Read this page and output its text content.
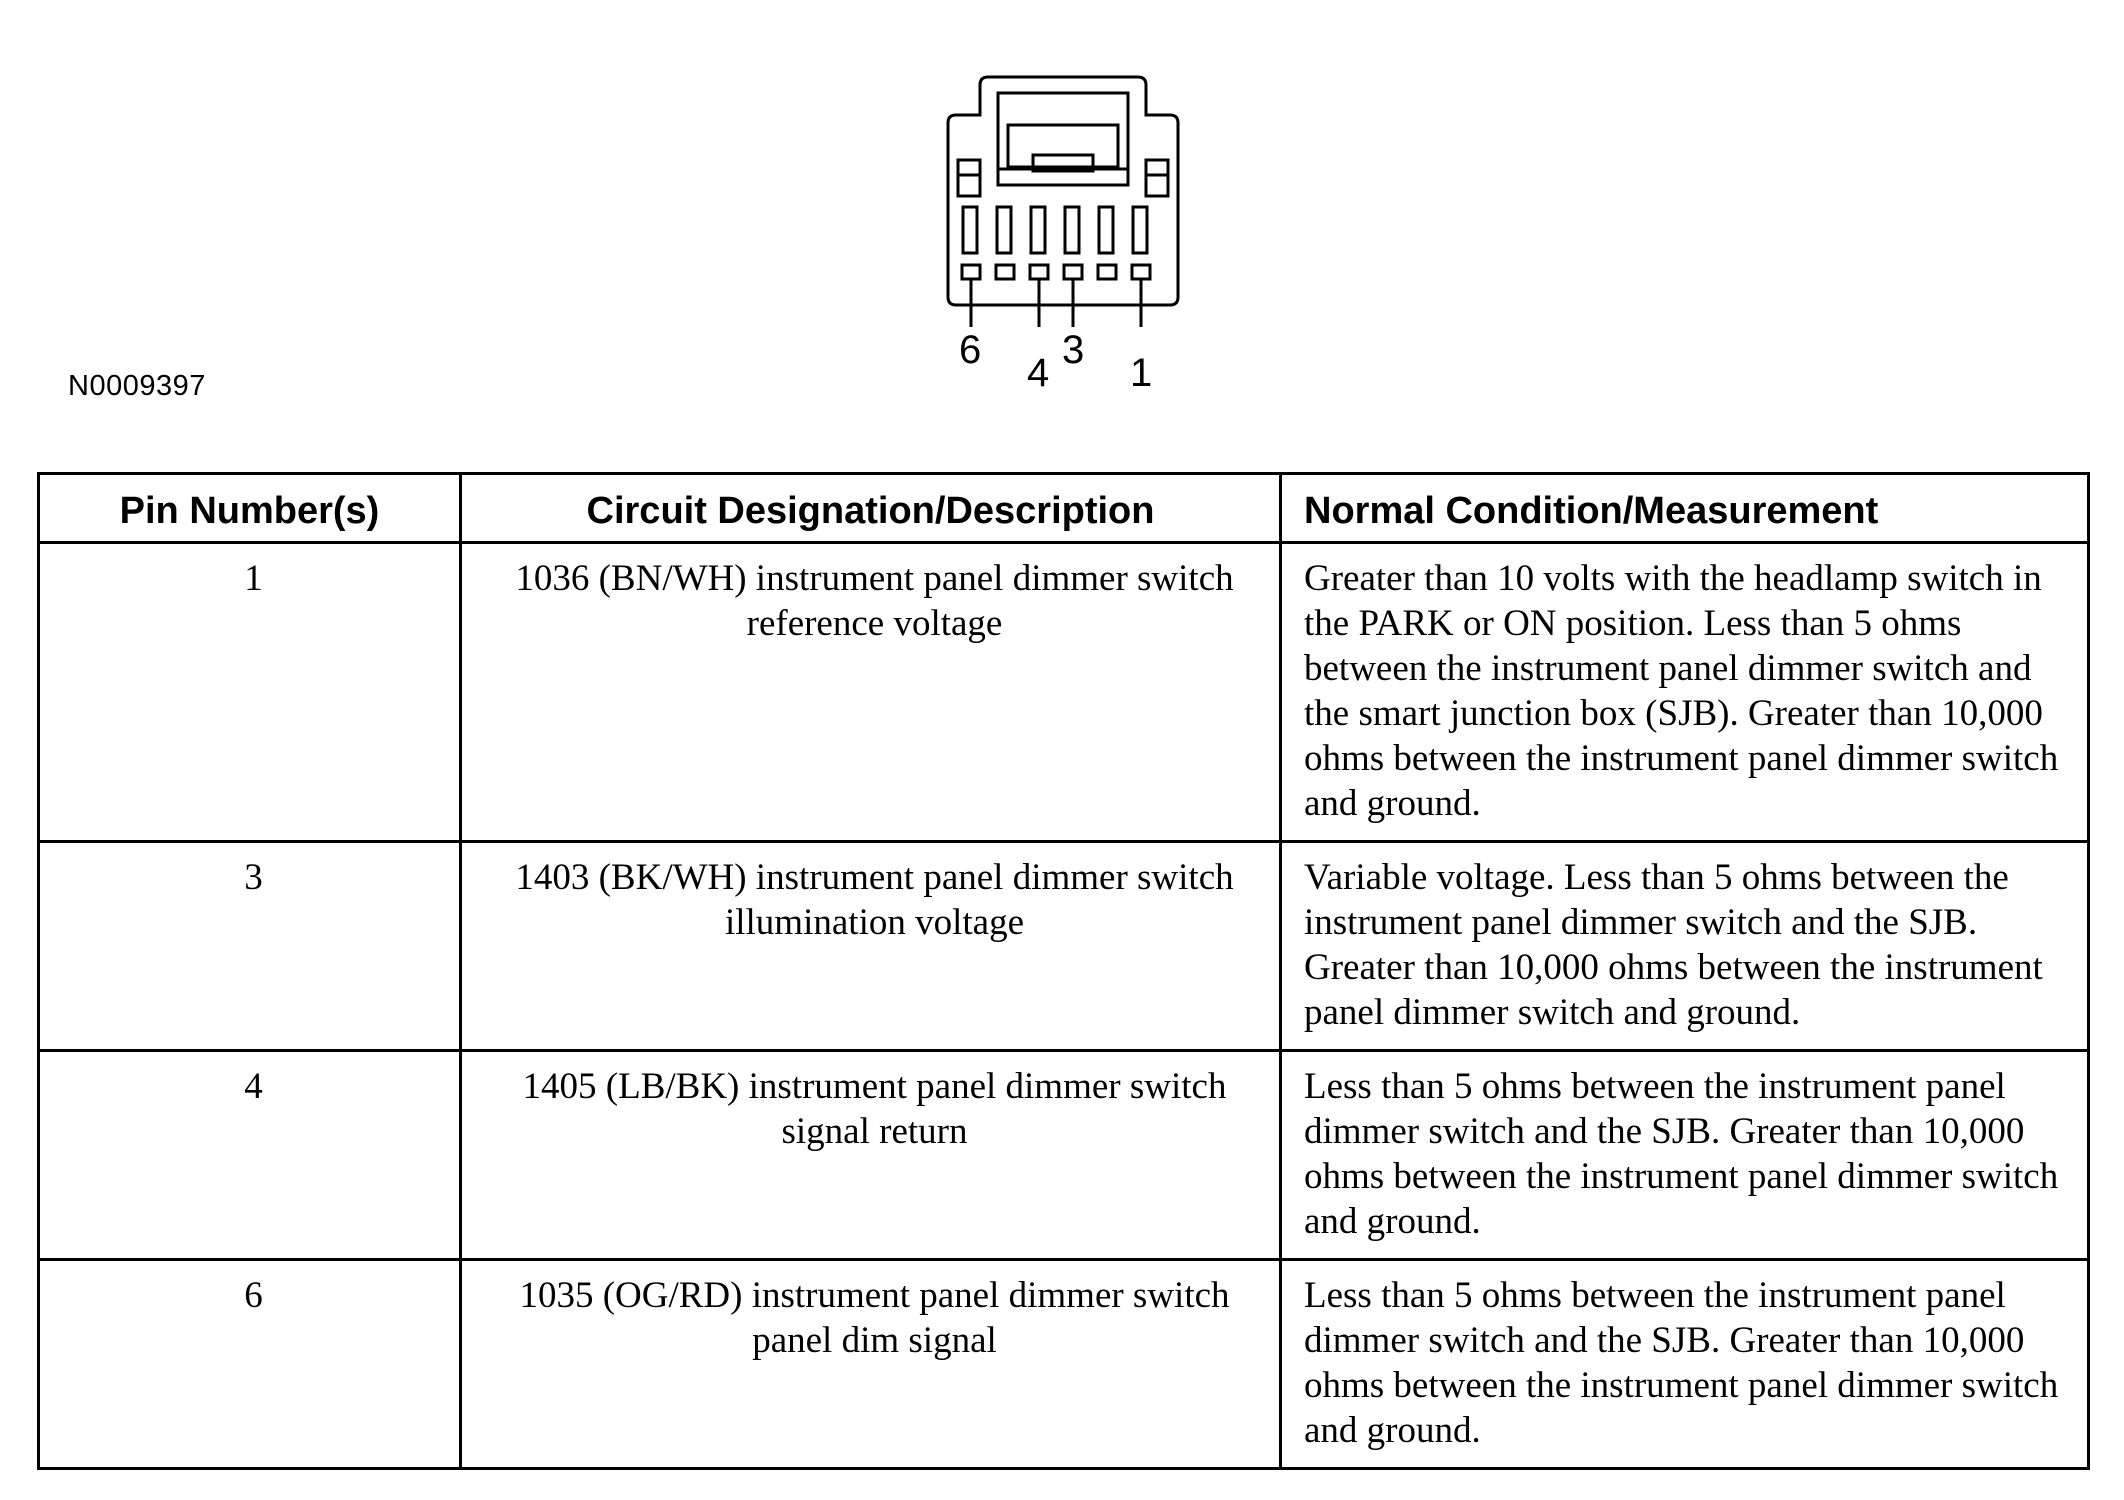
N0009397
6
4
3
1
Pin Number(s)	Circuit Designation/Description	Normal Condition/Measurement
1	1036 (BN/WH) instrument panel dimmer switch reference voltage	Greater than 10 volts with the headlamp switch in the PARK or ON position. Less than 5 ohms between the instrument panel dimmer switch and the smart junction box (SJB). Greater than 10,000 ohms between the instrument panel dimmer switch and ground.
3	1403 (BK/WH) instrument panel dimmer switch illumination voltage	Variable voltage. Less than 5 ohms between the instrument panel dimmer switch and the SJB. Greater than 10,000 ohms between the instrument panel dimmer switch and ground.
4	1405 (LB/BK) instrument panel dimmer switch signal return	Less than 5 ohms between the instrument panel dimmer switch and the SJB. Greater than 10,000 ohms between the instrument panel dimmer switch and ground.
6	1035 (OG/RD) instrument panel dimmer switch panel dim signal	Less than 5 ohms between the instrument panel dimmer switch and the SJB. Greater than 10,000 ohms between the instrument panel dimmer switch and ground.
